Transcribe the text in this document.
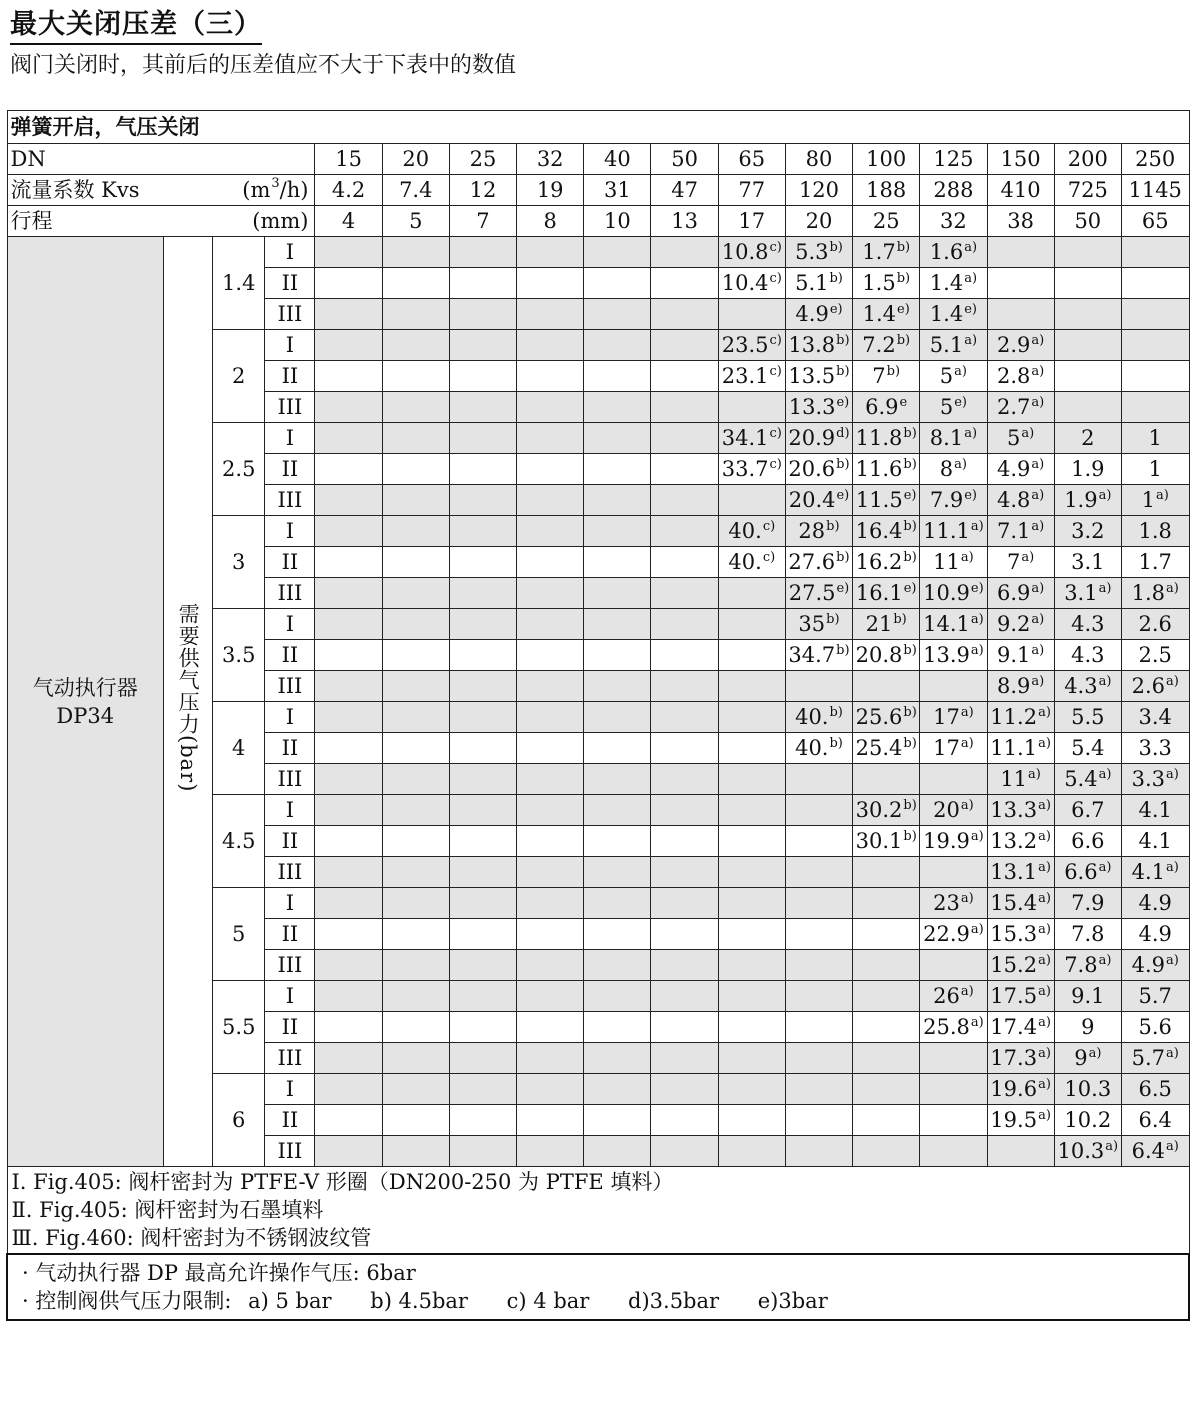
最大关闭压差（三）
阀门关闭时，其前后的压差值应不大于下表中的数值
弹簧开启，气压关闭																
DN				15	20	25	32	40	50	65	80	100	125	150	200	250
流量系数 Kvs $(m^3/h)$				4.2	7.4	12	19	31	47	77	120	188	288	410	725	1145
行程 (mm)				4	5	7	8	10	13	17	20	25	32	38	50	65
气动执行器
DP34	需要供气压力(bar)	1.4	I							10.8$^{c)}$	5.3$^{b)}$	1.7$^{b)}$	1.6$^{a)}$			
			II							10.4$^{c)}$	5.1$^{b)}$	1.5$^{b)}$	1.4$^{a)}$			
			III								4.9$^{e)}$	1.4$^{e)}$	1.4$^{e)}$			
		2	I							23.5$^{c)}$	13.8$^{b)}$	7.2$^{b)}$	5.1$^{a)}$	2.9$^{a)}$		
			II							23.1$^{c)}$	13.5$^{b)}$	7$^{b)}$	5$^{a)}$	2.8$^{a)}$		
			III								13.3$^{e)}$	6.9e	5$^{e)}$	2.7$^{a)}$		
		2.5	I							34.1$^{c)}$	20.9$^{d)}$	11.8$^{b)}$	8.1$^{a)}$	5$^{a)}$	2	1
			II							33.7$^{c)}$	20.6$^{b)}$	11.6$^{b)}$	8$^{a)}$	4.9$^{a)}$	1.9	1
			III								20.4$^{e)}$	11.5$^{e)}$	7.9$^{e)}$	4.8$^{a)}$	1.9$^{a)}$	1$^{a)}$
		3	I							40.$^{c)}$	28$^{b)}$	16.4$^{b)}$	11.1$^{a)}$	7.1$^{a)}$	3.2	1.8
			II							40.$^{c)}$	27.6$^{b)}$	16.2$^{b)}$	11$^{a)}$	7$^{a)}$	3.1	1.7
			III								27.5$^{e)}$	16.1$^{e)}$	10.9$^{e)}$	6.9$^{a)}$	3.1$^{a)}$	1.8$^{a)}$
		3.5	I								35$^{b)}$	21$^{b)}$	14.1$^{a)}$	9.2$^{a)}$	4.3	2.6
			II								34.7$^{b)}$	20.8$^{b)}$	13.9$^{a)}$	9.1$^{a)}$	4.3	2.5
			III											8.9$^{a)}$	4.3$^{a)}$	2.6$^{a)}$
		4	I								40.$^{b)}$	25.6$^{b)}$	17$^{a)}$	11.2$^{a)}$	5.5	3.4
			II								40.$^{b)}$	25.4$^{b)}$	17$^{a)}$	11.1$^{a)}$	5.4	3.3
			III											11$^{a)}$	5.4$^{a)}$	3.3$^{a)}$
		4.5	I									30.2$^{b)}$	20$^{a)}$	13.3$^{a)}$	6.7	4.1
			II									30.1$^{b)}$	19.9$^{a)}$	13.2$^{a)}$	6.6	4.1
			III											13.1$^{a)}$	6.6$^{a)}$	4.1$^{a)}$
		5	I										23$^{a)}$	15.4$^{a)}$	7.9	4.9
			II										22.9$^{a)}$	15.3$^{a)}$	7.8	4.9
			III											15.2$^{a)}$	7.8$^{a)}$	4.9$^{a)}$
		5.5	I										26$^{a)}$	17.5$^{a)}$	9.1	5.7
			II										25.8$^{a)}$	17.4$^{a)}$	9	5.6
			III											17.3$^{a)}$	9$^{a)}$	5.7$^{a)}$
		6	I											19.6$^{a)}$	10.3	6.5
			II											19.5$^{a)}$	10.2	6.4
			III												10.3$^{a)}$	6.4$^{a)}$

Ⅰ. Fig.405: 阀杆密封为 PTFE-V 形圈（DN200-250 为 PTFE 填料）
Ⅱ. Fig.405: 阀杆密封为石墨填料
Ⅲ. Fig.460: 阀杆密封为不锈钢波纹管																

· 气动执行器 DP 最高允许操作气压: 6bar
· 控制阀供气压力限制: a) 5 bar b) 4.5bar c) 4 bar d)3.5bar e)3bar																
